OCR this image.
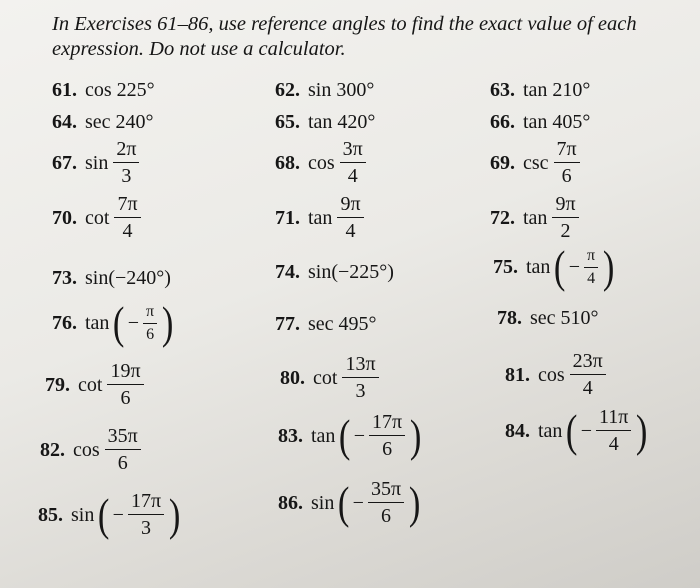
In Exercises 61–86, use reference angles to find the exact value of each expression. Do not use a calculator.
61. cos 225°	62. sin 300°	63. tan 210°
64. sec 240°	65. tan 420°	66. tan 405°
67. $\sin \frac{2\pi}{3}$	68. $\cos \frac{3\pi}{4}$	69. $\csc \frac{7\pi}{6}$
70. $\cot \frac{7\pi}{4}$	71. $\tan \frac{9\pi}{4}$	72. $\tan \frac{9\pi}{2}$
73. sin(−240°)	74. sin(−225°)	75. tan ( − $\frac{\pi}{4}$ )
76. tan ( − $\frac{\pi}{6}$ )	77. sec 495°	78. sec 510°
79. $\cot \frac{19\pi}{6}$	80. $\cot \frac{13\pi}{3}$	81. $\cos \frac{23\pi}{4}$
82. $\cos \frac{35\pi}{6}$	83. tan ( − $\frac{17\pi}{6}$ )	84. tan ( − $\frac{11\pi}{4}$ )
85. sin ( − $\frac{17\pi}{3}$ )	86. sin ( − $\frac{35\pi}{6}$ )
